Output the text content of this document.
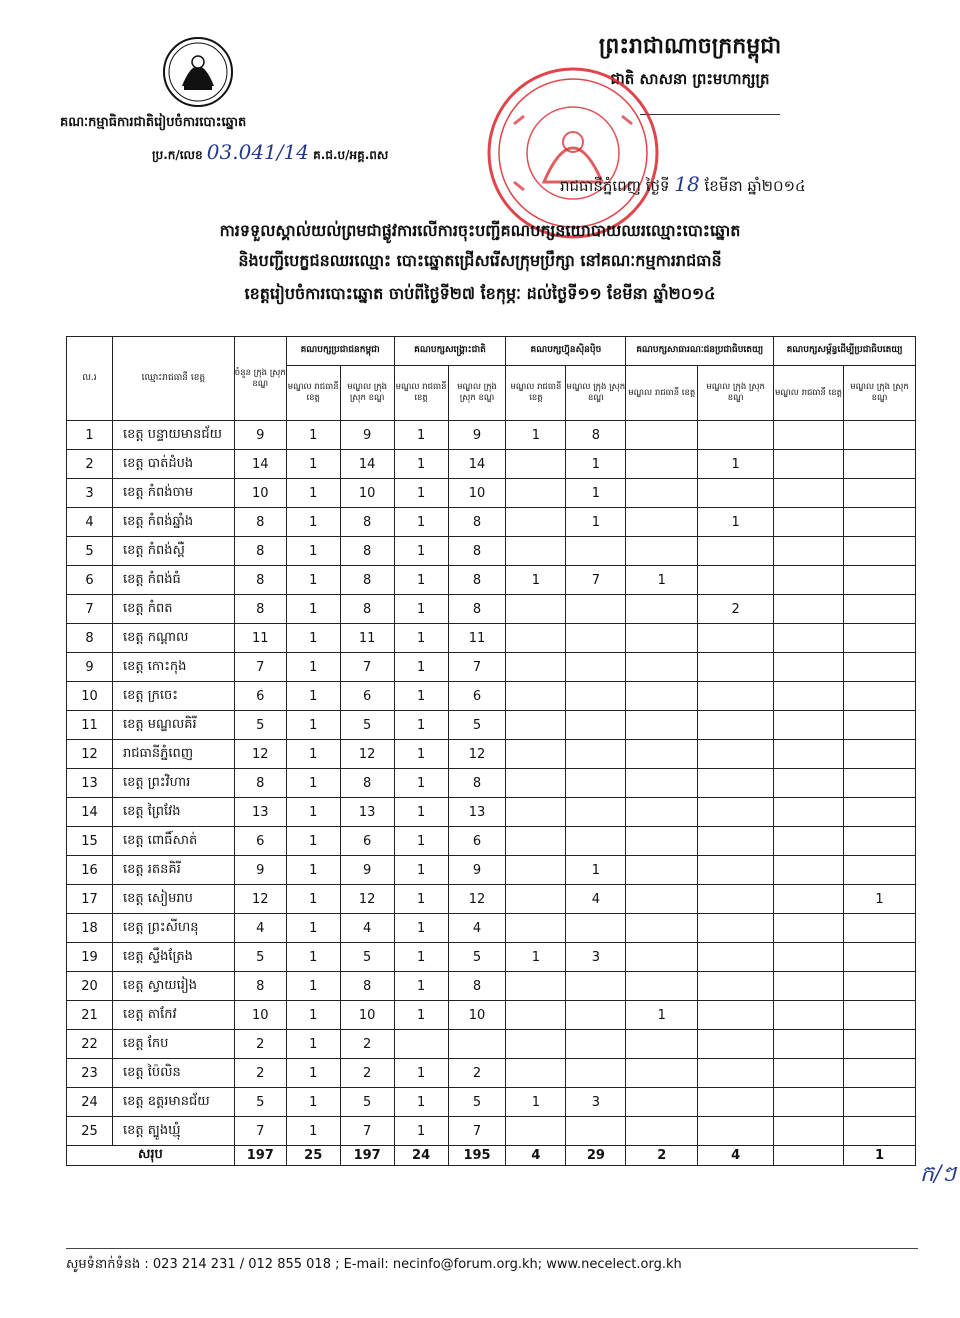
គណៈកម្មាធិការជាតិរៀបចំការបោះឆ្នោត
ប្រ.ក/លេខ 03.041/14 គ.ជ.ប/អគ្គ.ពស
ព្រះរាជាណាចក្រកម្ពុជា
ជាតិ សាសនា ព្រះមហាក្សត្រ
រាជធានីភ្នំពេញ ថ្ងៃទី 18 ខែមីនា ឆ្នាំ២០១៤
ការទទួលស្គាល់យល់ព្រមជាផ្លូវការលើការចុះបញ្ជីគណបក្សនយោបាយឈរឈ្មោះបោះឆ្នោត
និងបញ្ជីបេក្ខជនឈរឈ្មោះ បោះឆ្នោតជ្រើសរើសក្រុមប្រឹក្សា នៅគណៈកម្មការរាជធានី
ខេត្តរៀបចំការបោះឆ្នោត ចាប់ពីថ្ងៃទី២៧ ខែកុម្ភៈ ដល់ថ្ងៃទី១១ ខែមីនា ឆ្នាំ២០១៤
ល.រ	ឈ្មោះរាជធានី ខេត្ត	ចំនួន ក្រុង ស្រុក ខណ្ឌ	គណបក្សប្រជាជនកម្ពុជា		គណបក្សសង្គ្រោះជាតិ		គណបក្សហ៊្វុនស៊ិនប៉ិច		គណបក្សសាធារណៈជនប្រជាធិបតេយ្យ		គណបក្សសម្ព័ន្ធដើម្បីប្រជាធិបតេយ្យ	
			មណ្ឌល រាជធានី ខេត្ត	មណ្ឌល ក្រុង ស្រុក ខណ្ឌ	មណ្ឌល រាជធានី ខេត្ត	មណ្ឌល ក្រុង ស្រុក ខណ្ឌ	មណ្ឌល រាជធានី ខេត្ត	មណ្ឌល ក្រុង ស្រុក ខណ្ឌ	មណ្ឌល រាជធានី ខេត្ត	មណ្ឌល ក្រុង ស្រុក ខណ្ឌ	មណ្ឌល រាជធានី ខេត្ត	មណ្ឌល ក្រុង ស្រុក ខណ្ឌ
1	ខេត្ត បន្ទាយមានជ័យ	9	1	9	1	9	1	8				
2	ខេត្ត បាត់ដំបង	14	1	14	1	14		1		1		
3	ខេត្ត កំពង់ចាម	10	1	10	1	10		1				
4	ខេត្ត កំពង់ឆ្នាំង	8	1	8	1	8		1		1		
5	ខេត្ត កំពង់ស្ពឺ	8	1	8	1	8						
6	ខេត្ត កំពង់ធំ	8	1	8	1	8	1	7	1			
7	ខេត្ត កំពត	8	1	8	1	8				2		
8	ខេត្ត កណ្តាល	11	1	11	1	11						
9	ខេត្ត កោះកុង	7	1	7	1	7						
10	ខេត្ត ក្រចេះ	6	1	6	1	6						
11	ខេត្ត មណ្ឌលគិរី	5	1	5	1	5						
12	រាជធានីភ្នំពេញ	12	1	12	1	12						
13	ខេត្ត ព្រះវិហារ	8	1	8	1	8						
14	ខេត្ត ព្រៃវែង	13	1	13	1	13						
15	ខេត្ត ពោធិ៍សាត់	6	1	6	1	6						
16	ខេត្ត រតនគិរី	9	1	9	1	9		1				
17	ខេត្ត សៀមរាប	12	1	12	1	12		4				1
18	ខេត្ត ព្រះសីហនុ	4	1	4	1	4						
19	ខេត្ត ស្ទឹងត្រែង	5	1	5	1	5	1	3				
20	ខេត្ត ស្វាយរៀង	8	1	8	1	8						
21	ខេត្ត តាកែវ	10	1	10	1	10			1			
22	ខេត្ត កែប	2	1	2								
23	ខេត្ត ប៉ៃលិន	2	1	2	1	2						
24	ខេត្ត ឧត្តរមានជ័យ	5	1	5	1	5	1	3				
25	ខេត្ត ត្បូងឃ្មុំ	7	1	7	1	7						
សរុប		197	25	197	24	195	4	29	2	4		1
ក/ៗ
សូមទំនាក់ទំនង : 023 214 231 / 012 855 018 ; E-mail: necinfo@forum.org.kh; www.necelect.org.kh
